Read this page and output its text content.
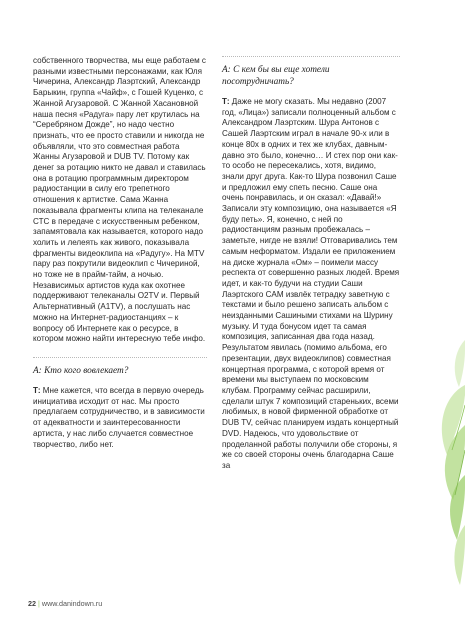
собственного творчества, мы еще работаем с разными известными персонажами, как Юля Чичерина, Александр Лаэртский, Александр Барыкин, группа «Чайф», с Гошей Куценко, с Жанной Агузаровой. С Жанной Хасановной наша песня «Радуга» пару лет крутилась на “Серебряном Дожде”, но надо честно признать, что ее просто ставили и никогда не объявляли, что это совместная работа Жанны Агузаровой и DUB TV. Потому как денег за ротацию никто не давал и ставилась она в ротацию программным директором радиостанции в силу его трепетного отношения к артистке. Сама Жанна показывала фрагменты клипа на телеканале СТС в передаче с искусственным ребенком, запамятовала как называется, которого надо холить и лелеять как живого, показывала фрагменты видеоклипа на «Радугу». На MTV пару раз покрутили видеоклип с Чичериной, но тоже не в прайм-тайм, а ночью. Независимых артистов куда как охотнее поддерживают телеканалы O2TV и. Первый Альтернативный (A1TV), а послушать нас можно на Интернет-радиостанциях – к вопросу об Интернете как о ресурсе, в котором можно найти интересную тебе инфо.

А: Кто кого вовлекает?

Т: Мне кажется, что всегда в первую очередь инициатива исходит от нас. Мы просто предлагаем сотрудничество, и в зависимости от адекватности и заинтересованности артиста, у нас либо случается совместное творчество, либо нет.

А: С кем бы вы еще хотели посотрудничать?

Т: Даже не могу сказать. Мы недавно (2007 год, «Лица») записали полноценный альбом с Александром Лаэртским. Шура Антонов с Сашей Лаэртским играл в начале 90-х или в конце 80х в одних и тех же клубах, давным-давно это было, конечно… И стех пор они как-то особо не пересекались, хотя, видимо, знали друг друга. Как-то Шура позвонил Саше и предложил ему спеть песню. Саше она очень понравилась, и он сказал: «Давай!» Записали эту композицию, она называется «Я буду петь». Я, конечно, с ней по радиостанциям разным пробежалась – заметьте, нигде не взяли! Отговаривались тем самым неформатом. Издали ее приложением на диске журнала «Ом» – поимели массу респекта от совершенно разных людей. Время идет, и как-то будучи на студии Саши Лаэртского CAM извлёк тетрадку заветную с текстами и было решено записать альбом с неизданными Сашиными стихами на Шурину музыку. И туда бонусом идет та самая композиция, записанная два года назад. Результатом явилась (помимо альбома, его презентации, двух видеоклипов) совместная концертная программа, с которой время от времени мы выступаем по московским клубам. Программу сейчас расширили, сделали штук 7 композиций стареньких, всеми любимых, в новой фирменной обработке от DUB TV, сейчас планируем издать концертный DVD. Надеюсь, что удовольствие от проделанной работы получили обе стороны, я же со своей стороны очень благодарна Саше за

22 | www.danindown.ru
